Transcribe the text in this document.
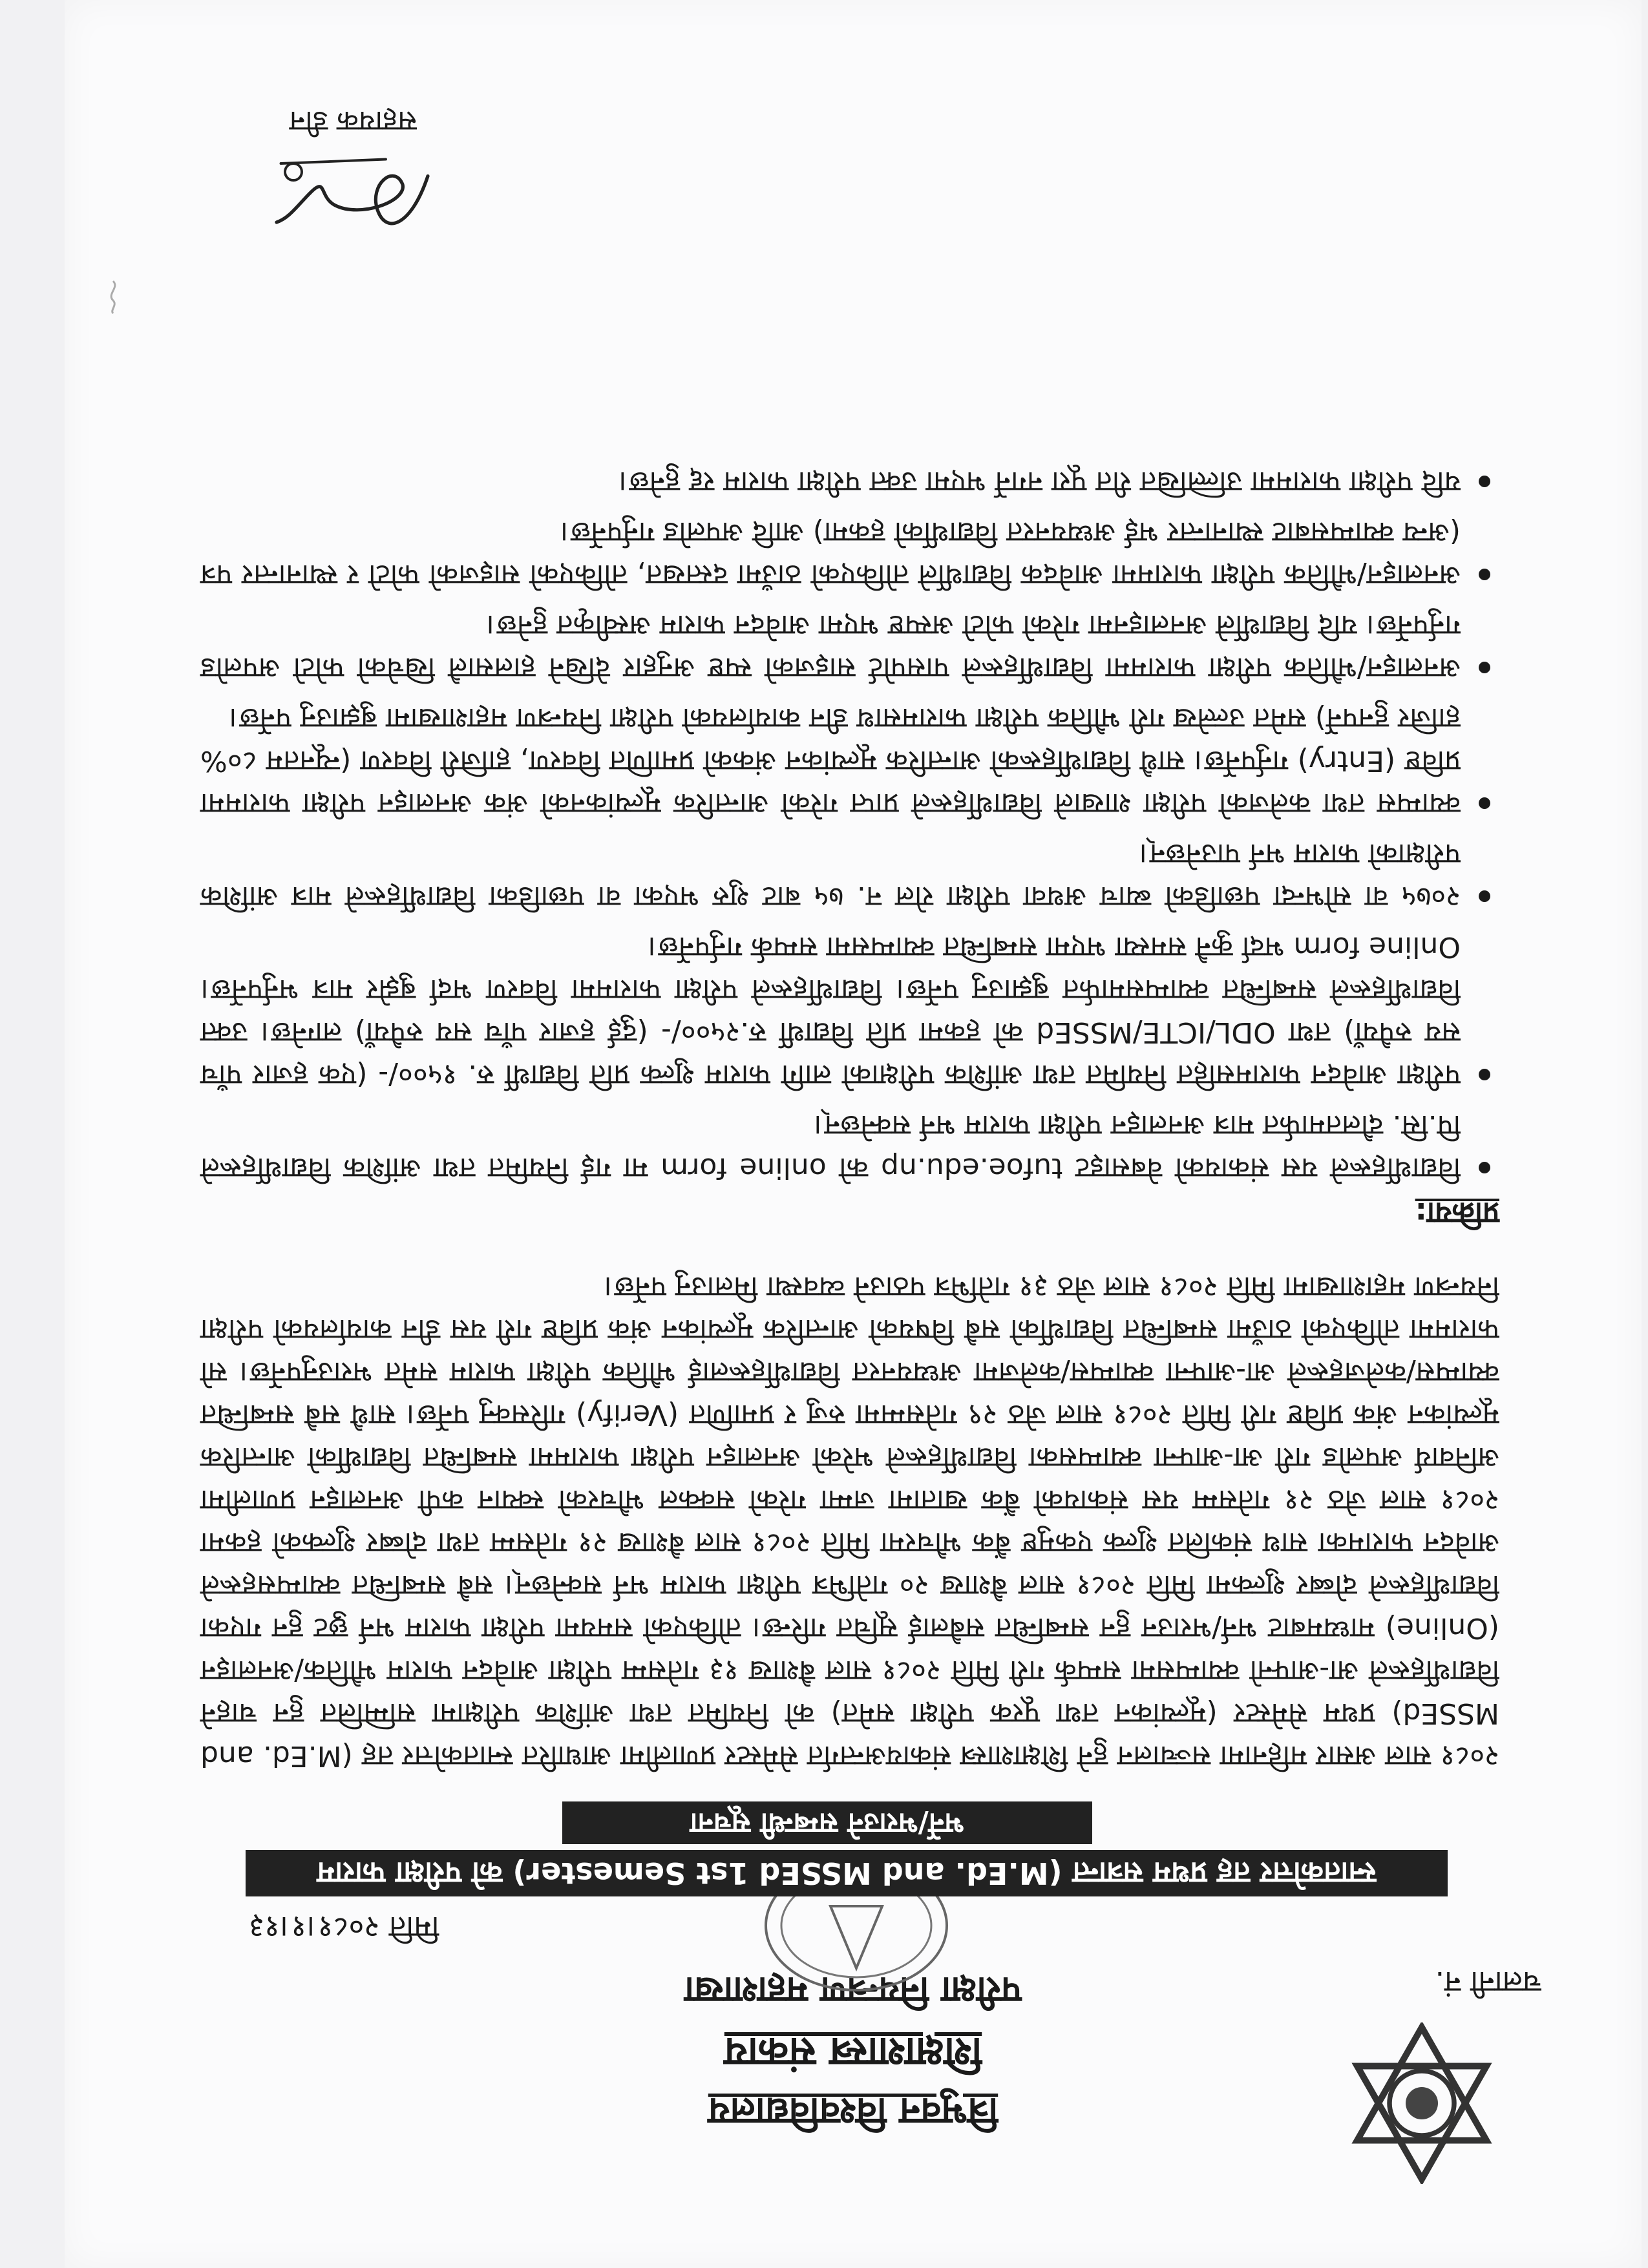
त्रिभुवन विश्वविद्यालय
शिक्षाशास्त्र संकाय
परीक्षा नियन्त्रण महाशाखा	चलानी नं.
मिति २०८१।१।१३
स्नातकोत्तर तह प्रथम सत्रान्त (M.Ed. and MSSEd 1st Semester) को परीक्षा फाराम
भर्ने/भराउने सम्बन्धी सूचना
२०८१ साल असार महिनामा सञ्चालन हुने शिक्षाशास्त्र संकायअन्तर्गत सेमेस्टर प्रणालीमा आधारित स्नातकोत्तर तह (M.Ed. and MSSEd) प्रथम सेमेस्टर (मूल्यांकन तथा पूरक परीक्षा समेत) को नियमित तथा आंशिक परीक्षामा सम्मिलित हुन चाहने विद्यार्थीहरूले आ-आफ्नो क्याम्पसमा सम्पर्क गरी मिति २०८१ साल बैशाख १३ गतेसम्म परीक्षा आवेदन फाराम भौतिक/अनलाइन (Online) माध्यमबाट भर्न/भराउन हुन सम्बन्धित सबैलाई सूचित गरिन्छ। तोकिएको समयमा परीक्षा फाराम भर्न छुट हुन गएका विद्यार्थीहरूले दोब्बर शुल्कमा मिति २०८१ साल बैशाख २० गतेभित्र परीक्षा फाराम भर्न सक्नेछन्। सबै सम्बन्धित क्याम्पसहरूले आवेदन फारामका साथ संकलित शुल्क एकमुष्ट बैंक भौचरमा मिति २०८१ साल बैशाख २१ गतेसम्म तथा दोब्बर शुल्कको हकमा २०८१ साल जेठ २१ गतेसम्म यस संकायको बैंक खातामा जम्मा गरेको सक्कल भौचरको स्क्यान कपी अनलाइन प्रणालीमा अनिवार्य अपलोड गरी आ-आफ्ना क्याम्पसका विद्यार्थीहरूले भरेको अनलाइन परीक्षा फाराममा सम्बन्धित विद्यार्थीको आन्तरिक मूल्यांकन अंक प्रविष्ट गरी मिति २०८१ साल जेठ २९ गतेसम्ममा रुजु र प्रमाणित (Verify) गरिसक्नु पर्नेछ। साथै सबै सम्बन्धित क्याम्पस/कलेजहरूले आ-आफ्ना क्याम्पस/कलेजमा अध्ययनरत विद्यार्थीहरूलाई भौतिक परीक्षा फाराम समेत भराउनुपर्नेछ। सो फाराममा तोकिएको ठाउँमा सम्बन्धित विद्यार्थीको सबै विषयको आन्तरिक मूल्यांकन अंक प्रविष्ट गरी यस डीन कार्यालयको परीक्षा नियन्त्रण महाशाखामा मिति २०८१ साल जेठ ३१ गतेभित्र पठाउने व्यवस्था मिलाउनु पर्नेछ।
प्रक्रिया:
विद्यार्थीहरूले यस संकायको वेबसाइट tufoe.edu.np को online form मा गई नियमित तथा आंशिक विद्यार्थीहरूले पि.सि. दौलतमार्फत मात्र अनलाइन परीक्षा फाराम भर्न सक्नेछन्।
परीक्षा आवेदन फारामसहित नियमित तथा आंशिक परीक्षाको लागि फाराम शुल्क प्रति विद्यार्थी रु. १५००/- (एक हजार पाँच सय रुपैयाँ) तथा ODL/ICTE/MSSEd को हकमा प्रति विद्यार्थी रु.२५००/- (दुई हजार पाँच सय रुपैयाँ) लाग्नेछ। उक्त विद्यार्थीहरूले सम्बन्धित क्याम्पसमार्फत बुझाउनु पर्नेछ। विद्यार्थीहरूले परीक्षा फाराममा विवरण भर्दा बुझेर मात्र भर्नुपर्नेछ। Online form भर्दा कुनै समस्या भएमा सम्बन्धित क्याम्पसमा सम्पर्क गर्नुपर्नेछ।
२०७५ वा सोभन्दा पछाडिको ब्याच अथवा परीक्षा रोल न. ७५ बाट शुरु भएका वा पछाडिका विद्यार्थीहरूले मात्र आंशिक परीक्षाको फाराम भर्न पाउनेछन्।
क्याम्पस तथा कलेजको परीक्षा शाखाले विद्यार्थीहरूले प्राप्त गरेको आन्तरिक मूल्यांकनको अंक अनलाइन परीक्षा फाराममा प्रविष्ट (Entry) गर्नुपर्नेछ। साथै विद्यार्थीहरूको आन्तरिक मूल्यांकन अंकको प्रमाणित विवरण, हाजिरी विवरण (न्यूनतम ८०% हाजिर हुनपर्ने) समेत उल्लेख गरी भौतिक परीक्षा फारामसाथ डीन कार्यालयको परीक्षा नियन्त्रण महाशाखामा बुझाउनु पर्नेछ।
अनलाइन/भौतिक परीक्षा फाराममा विद्यार्थीहरूले पासपोर्ट साइजको स्पष्ट अनुहार देखिने हालसालै खिचेको फोटो अपलोड गर्नुपर्नेछ। यदि विद्यार्थीले अनलाइनमा गरेको फोटो अस्पष्ट भएमा आवेदन फाराम अस्वीकृत हुनेछ।
अनलाइन/भौतिक परीक्षा फाराममा आवेदक विद्यार्थीले तोकिएको ठाउँमा दस्तखत, तोकिएको साइजको फोटो र स्थानान्तर पत्र (अन्य क्याम्पसबाट स्थानान्तर भई अध्ययनरत विद्यार्थीको हकमा) आदि अपलोड गर्नुपर्नेछ।
यदि परीक्षा फाराममा उल्लिखित रीत पूरा नगर्ने भएमा उक्त परीक्षा फाराम रद्द हुनेछ।
सहायक डीन
